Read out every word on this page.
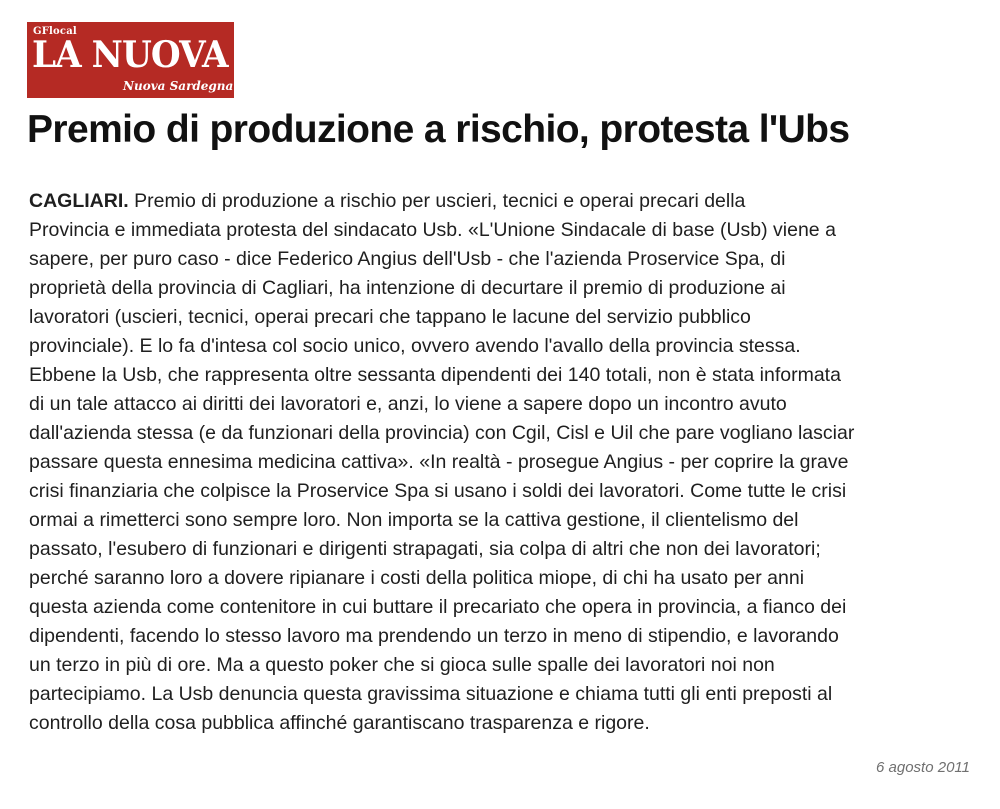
GFlocal
LA NUOVA
Nuova Sardegna
Premio di produzione a rischio, protesta l'Ubs
CAGLIARI. Premio di produzione a rischio per uscieri, tecnici e operai precari della
Provincia e immediata protesta del sindacato Usb. «L'Unione Sindacale di base (Usb) viene a
sapere, per puro caso - dice Federico Angius dell'Usb - che l'azienda Proservice Spa, di
proprietà della provincia di Cagliari, ha intenzione di decurtare il premio di produzione ai
lavoratori (uscieri, tecnici, operai precari che tappano le lacune del servizio pubblico
provinciale). E lo fa d'intesa col socio unico, ovvero avendo l'avallo della provincia stessa.
Ebbene la Usb, che rappresenta oltre sessanta dipendenti dei 140 totali, non è stata informata
di un tale attacco ai diritti dei lavoratori e, anzi, lo viene a sapere dopo un incontro avuto
dall'azienda stessa (e da funzionari della provincia) con Cgil, Cisl e Uil che pare vogliano lasciar
passare questa ennesima medicina cattiva». «In realtà - prosegue Angius - per coprire la grave
crisi finanziaria che colpisce la Proservice Spa si usano i soldi dei lavoratori. Come tutte le crisi
ormai a rimetterci sono sempre loro. Non importa se la cattiva gestione, il clientelismo del
passato, l'esubero di funzionari e dirigenti strapagati, sia colpa di altri che non dei lavoratori;
perché saranno loro a dovere ripianare i costi della politica miope, di chi ha usato per anni
questa azienda come contenitore in cui buttare il precariato che opera in provincia, a fianco dei
dipendenti, facendo lo stesso lavoro ma prendendo un terzo in meno di stipendio, e lavorando
un terzo in più di ore. Ma a questo poker che si gioca sulle spalle dei lavoratori noi non
partecipiamo. La Usb denuncia questa gravissima situazione e chiama tutti gli enti preposti al
controllo della cosa pubblica affinché garantiscano trasparenza e rigore.
6 agosto 2011
